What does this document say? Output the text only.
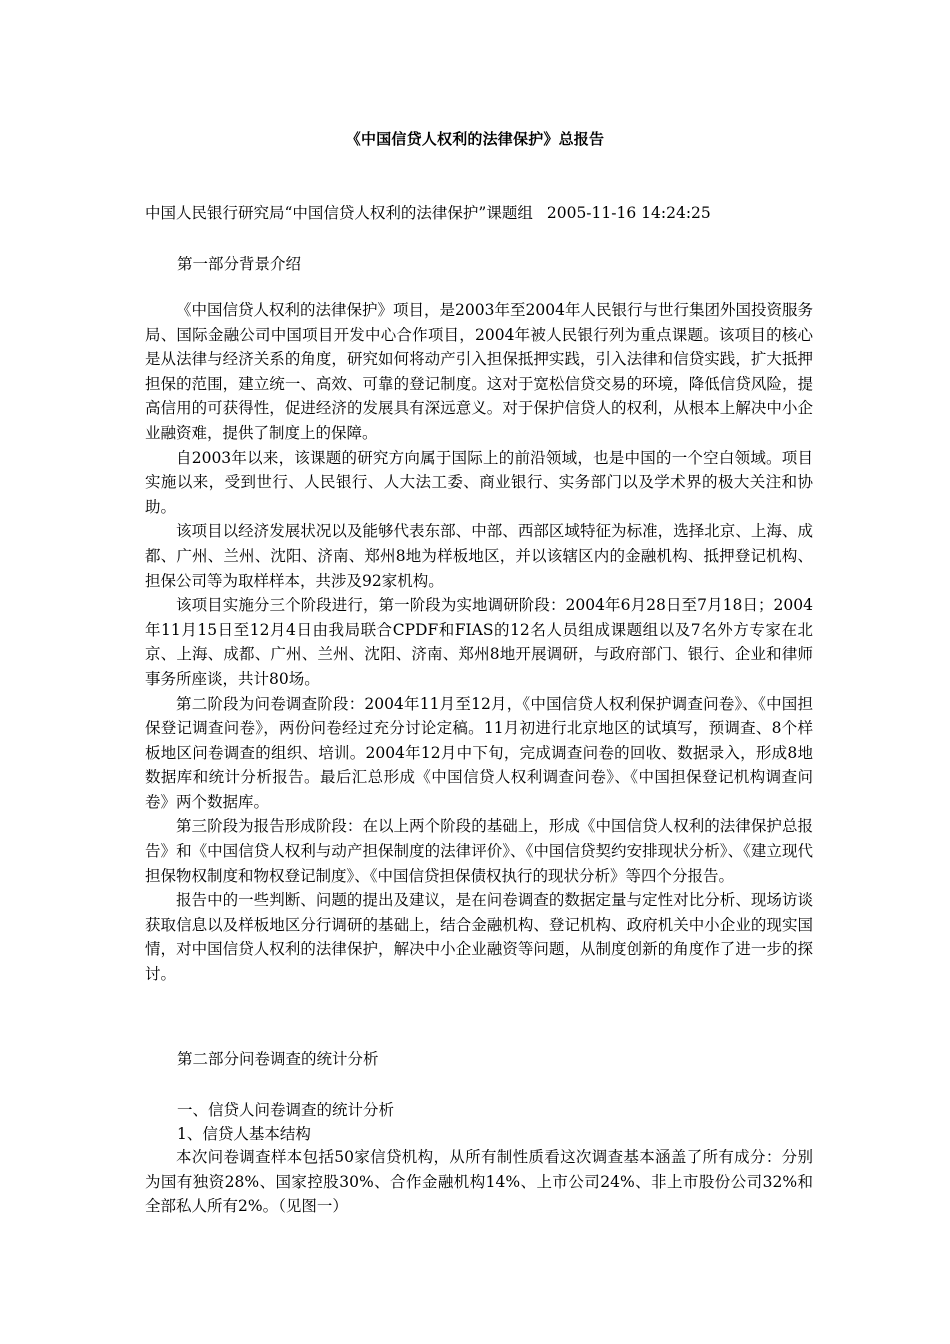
《中国信贷人权利的法律保护》总报告
中国人民银行研究局“中国信贷人权利的法律保护”课题组 2005-11-16 14:24:25
第一部分背景介绍

《中国信贷人权利的法律保护》项目，是2003年至2004年人民银行与世行集团外国投资服务局、国际金融公司中国项目开发中心合作项目，2004年被人民银行列为重点课题。该项目的核心是从法律与经济关系的角度，研究如何将动产引入担保抵押实践，引入法律和信贷实践，扩大抵押担保的范围，建立统一、高效、可靠的登记制度。这对于宽松信贷交易的环境，降低信贷风险，提高信用的可获得性，促进经济的发展具有深远意义。对于保护信贷人的权利，从根本上解决中小企业融资难，提供了制度上的保障。

自2003年以来，该课题的研究方向属于国际上的前沿领域，也是中国的一个空白领域。项目实施以来，受到世行、人民银行、人大法工委、商业银行、实务部门以及学术界的极大关注和协助。

该项目以经济发展状况以及能够代表东部、中部、西部区域特征为标准，选择北京、上海、成都、广州、兰州、沈阳、济南、郑州8地为样板地区，并以该辖区内的金融机构、抵押登记机构、担保公司等为取样样本，共涉及92家机构。

该项目实施分三个阶段进行，第一阶段为实地调研阶段：2004年6月28日至7月18日；2004年11月15日至12月4日由我局联合CPDF和FIAS的12名人员组成课题组以及7名外方专家在北京、上海、成都、广州、兰州、沈阳、济南、郑州8地开展调研，与政府部门、银行、企业和律师事务所座谈，共计80场。

第二阶段为问卷调查阶段：2004年11月至12月，《中国信贷人权利保护调查问卷》、《中国担保登记调查问卷》，两份问卷经过充分讨论定稿。11月初进行北京地区的试填写，预调查、8个样板地区问卷调查的组织、培训。2004年12月中下旬，完成调查问卷的回收、数据录入，形成8地数据库和统计分析报告。最后汇总形成《中国信贷人权利调查问卷》、《中国担保登记机构调查问卷》两个数据库。

第三阶段为报告形成阶段：在以上两个阶段的基础上，形成《中国信贷人权利的法律保护总报告》和《中国信贷人权利与动产担保制度的法律评价》、《中国信贷契约安排现状分析》、《建立现代担保物权制度和物权登记制度》、《中国信贷担保债权执行的现状分析》等四个分报告。

报告中的一些判断、问题的提出及建议，是在问卷调查的数据定量与定性对比分析、现场访谈获取信息以及样板地区分行调研的基础上，结合金融机构、登记机构、政府机关中小企业的现实国情，对中国信贷人权利的法律保护，解决中小企业融资等问题，从制度创新的角度作了进一步的探讨。

第二部分问卷调查的统计分析
一、信贷人问卷调查的统计分析
1、信贷人基本结构

本次问卷调查样本包括50家信贷机构，从所有制性质看这次调查基本涵盖了所有成分：分别为国有独资28%、国家控股30%、合作金融机构14%、上市公司24%、非上市股份公司32%和全部私人所有2%。（见图一）
